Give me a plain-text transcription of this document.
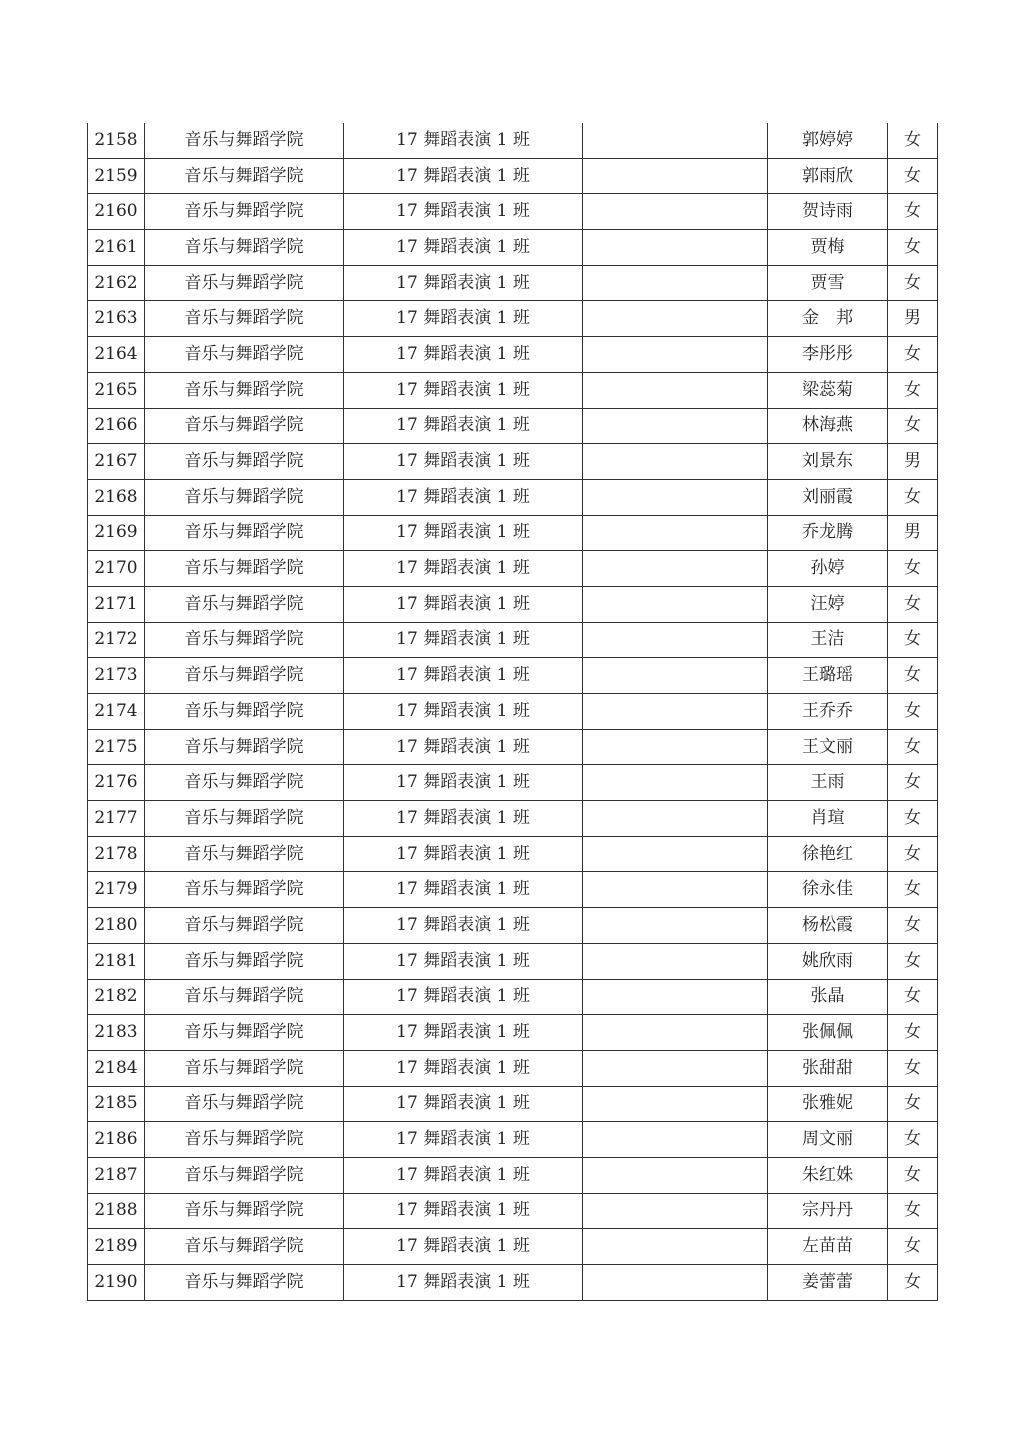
2158	音乐与舞蹈学院	17 舞蹈表演 1 班		郭婷婷	女
2159	音乐与舞蹈学院	17 舞蹈表演 1 班		郭雨欣	女
2160	音乐与舞蹈学院	17 舞蹈表演 1 班		贺诗雨	女
2161	音乐与舞蹈学院	17 舞蹈表演 1 班		贾梅	女
2162	音乐与舞蹈学院	17 舞蹈表演 1 班		贾雪	女
2163	音乐与舞蹈学院	17 舞蹈表演 1 班		金　邦	男
2164	音乐与舞蹈学院	17 舞蹈表演 1 班		李彤彤	女
2165	音乐与舞蹈学院	17 舞蹈表演 1 班		梁蕊菊	女
2166	音乐与舞蹈学院	17 舞蹈表演 1 班		林海燕	女
2167	音乐与舞蹈学院	17 舞蹈表演 1 班		刘景东	男
2168	音乐与舞蹈学院	17 舞蹈表演 1 班		刘丽霞	女
2169	音乐与舞蹈学院	17 舞蹈表演 1 班		乔龙腾	男
2170	音乐与舞蹈学院	17 舞蹈表演 1 班		孙婷	女
2171	音乐与舞蹈学院	17 舞蹈表演 1 班		汪婷	女
2172	音乐与舞蹈学院	17 舞蹈表演 1 班		王洁	女
2173	音乐与舞蹈学院	17 舞蹈表演 1 班		王璐瑶	女
2174	音乐与舞蹈学院	17 舞蹈表演 1 班		王乔乔	女
2175	音乐与舞蹈学院	17 舞蹈表演 1 班		王文丽	女
2176	音乐与舞蹈学院	17 舞蹈表演 1 班		王雨	女
2177	音乐与舞蹈学院	17 舞蹈表演 1 班		肖瑄	女
2178	音乐与舞蹈学院	17 舞蹈表演 1 班		徐艳红	女
2179	音乐与舞蹈学院	17 舞蹈表演 1 班		徐永佳	女
2180	音乐与舞蹈学院	17 舞蹈表演 1 班		杨松霞	女
2181	音乐与舞蹈学院	17 舞蹈表演 1 班		姚欣雨	女
2182	音乐与舞蹈学院	17 舞蹈表演 1 班		张晶	女
2183	音乐与舞蹈学院	17 舞蹈表演 1 班		张佩佩	女
2184	音乐与舞蹈学院	17 舞蹈表演 1 班		张甜甜	女
2185	音乐与舞蹈学院	17 舞蹈表演 1 班		张雅妮	女
2186	音乐与舞蹈学院	17 舞蹈表演 1 班		周文丽	女
2187	音乐与舞蹈学院	17 舞蹈表演 1 班		朱红姝	女
2188	音乐与舞蹈学院	17 舞蹈表演 1 班		宗丹丹	女
2189	音乐与舞蹈学院	17 舞蹈表演 1 班		左苗苗	女
2190	音乐与舞蹈学院	17 舞蹈表演 1 班		姜蕾蕾	女
